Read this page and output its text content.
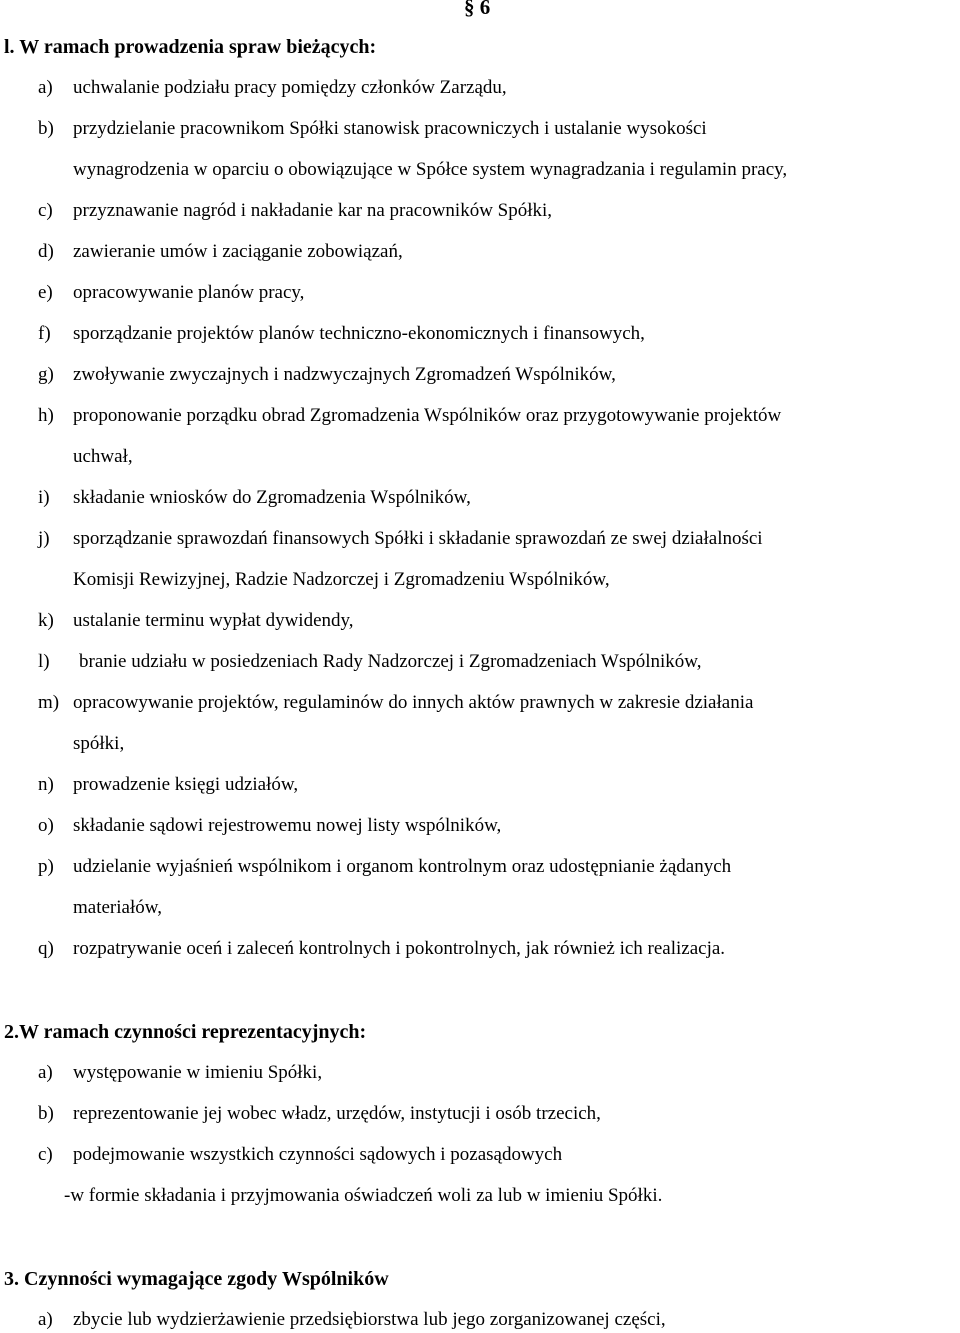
§ 6
l. W ramach prowadzenia spraw bieżących:
a) uchwalanie podziału pracy pomiędzy członków Zarządu,
b) przydzielanie pracownikom Spółki stanowisk pracowniczych i ustalanie wysokości
wynagrodzenia w oparciu o obowiązujące w Spółce system wynagradzania i regulamin pracy,
c) przyznawanie nagród i nakładanie kar na pracowników Spółki,
d) zawieranie umów i zaciąganie zobowiązań,
e) opracowywanie planów pracy,
f) sporządzanie projektów planów techniczno-ekonomicznych i finansowych,
g) zwoływanie zwyczajnych i nadzwyczajnych Zgromadzeń Wspólników,
h) proponowanie porządku obrad Zgromadzenia Wspólników oraz przygotowywanie projektów
uchwał,
i) składanie wniosków do Zgromadzenia Wspólników,
j) sporządzanie sprawozdań finansowych Spółki i składanie sprawozdań ze swej działalności
Komisji Rewizyjnej, Radzie Nadzorczej i Zgromadzeniu Wspólników,
k) ustalanie terminu wypłat dywidendy,
l) branie udziału w posiedzeniach Rady Nadzorczej i Zgromadzeniach Wspólników,
m) opracowywanie projektów, regulaminów do innych aktów prawnych w zakresie działania
spółki,
n) prowadzenie księgi udziałów,
o) składanie sądowi rejestrowemu nowej listy wspólników,
p) udzielanie wyjaśnień wspólnikom i organom kontrolnym oraz udostępnianie żądanych
materiałów,
q) rozpatrywanie oceń i zaleceń kontrolnych i pokontrolnych, jak również ich realizacja.
2.W ramach czynności reprezentacyjnych:
a) występowanie w imieniu Spółki,
b) reprezentowanie jej wobec władz, urzędów, instytucji i osób trzecich,
c) podejmowanie wszystkich czynności sądowych i pozasądowych
-w formie składania i przyjmowania oświadczeń woli za lub w imieniu Spółki.
3. Czynności wymagające zgody Wspólników
a) zbycie lub wydzierżawienie przedsiębiorstwa lub jego zorganizowanej części,
